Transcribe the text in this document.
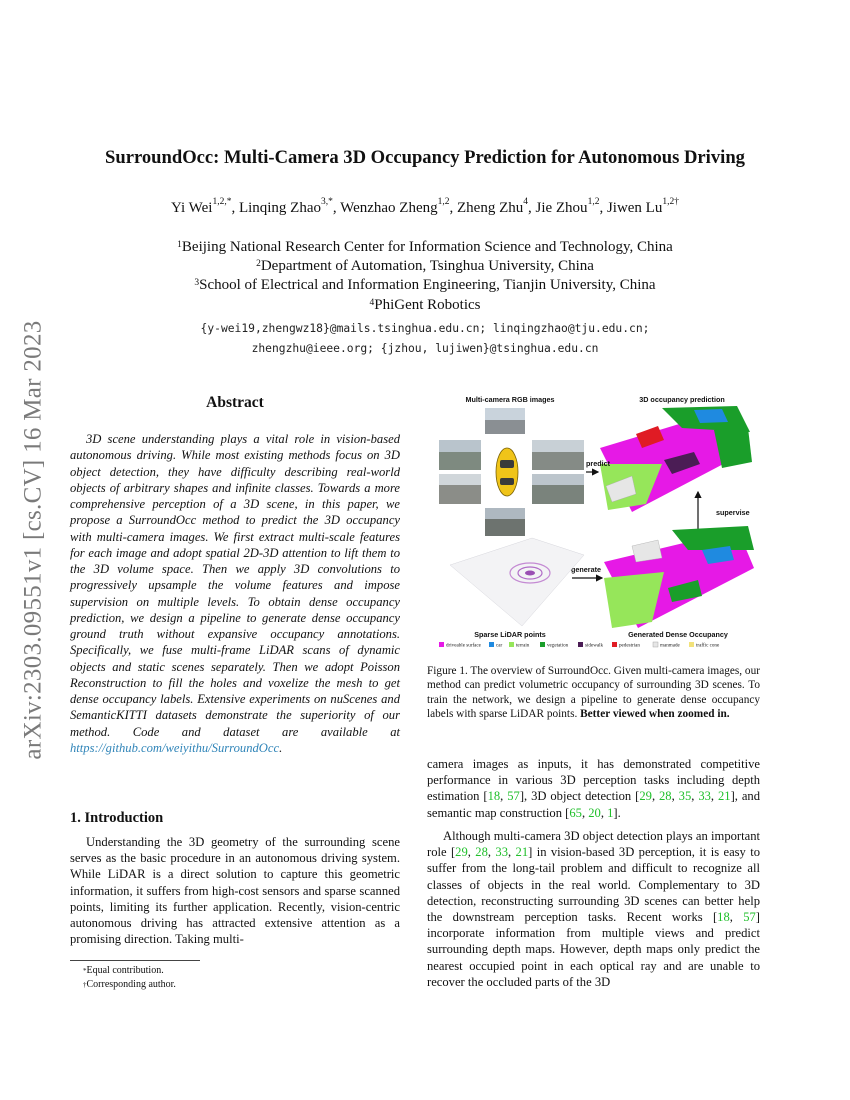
arXiv:2303.09551v1 [cs.CV] 16 Mar 2023
SurroundOcc: Multi-Camera 3D Occupancy Prediction for Autonomous Driving
Yi Wei$^{1,2,*}$, Linqing Zhao$^{3,*}$, Wenzhao Zheng$^{1,2}$, Zheng Zhu$^4$, Jie Zhou$^{1,2}$, Jiwen $Lu^{1,2\dagger}$
$^1$Beijing National Research Center for Information Science and Technology, China
$^2$Department of Automation, Tsinghua University, China
$^3$School of Electrical and Information Engineering, Tianjin University, China
$^4$PhiGent Robotics
{y-wei19,zhengwz18}@mails.tsinghua.edu.cn; linqingzhao@tju.edu.cn;
zhengzhu@ieee.org; {jzhou, lujiwen}@tsinghua.edu.cn
Abstract
3D scene understanding plays a vital role in vision-based autonomous driving. While most existing methods focus on 3D object detection, they have difficulty describing real-world objects of arbitrary shapes and infinite classes. Towards a more comprehensive perception of a 3D scene, in this paper, we propose a SurroundOcc method to predict the 3D occupancy with multi-camera images. We first extract multi-scale features for each image and adopt spatial 2D-3D attention to lift them to the 3D volume space. Then we apply 3D convolutions to progressively upsample the volume features and impose supervision on multiple levels. To obtain dense occupancy prediction, we design a pipeline to generate dense occupancy ground truth without expansive occupancy annotations. Specifically, we fuse multi-frame LiDAR scans of dynamic objects and static scenes separately. Then we adopt Poisson Reconstruction to fill the holes and voxelize the mesh to get dense occupancy labels. Extensive experiments on nuScenes and SemanticKITTI datasets demonstrate the superiority of our method. Code and dataset are available at https://github.com/weiyithu/SurroundOcc.
1. Introduction
Understanding the 3D geometry of the surrounding scene serves as the basic procedure in an autonomous driving system. While LiDAR is a direct solution to capture this geometric information, it suffers from high-cost sensors and sparse scanned points, limiting its further application. Recently, vision-centric autonomous driving has attracted extensive attention as a promising direction. Taking multi-
*Equal contribution.
†Corresponding author.
Multi-camera RGB images	3D occupancy prediction
predict
supervise
generate
Sparse LiDAR points	Generated Dense Occupancy
driveable surface	car	terrain	vegetation	sidewalk	pedestrian	manmade	traffic cone
Figure 1. The overview of SurroundOcc. Given multi-camera images, our method can predict volumetric occupancy of surrounding 3D scenes. To train the network, we design a pipeline to generate dense occupancy labels with sparse LiDAR points. Better viewed when zoomed in.
camera images as inputs, it has demonstrated competitive performance in various 3D perception tasks including depth estimation [18, 57], 3D object detection [29, 28, 35, 33, 21], and semantic map construction [65, 20, 1].
Although multi-camera 3D object detection plays an important role [29, 28, 33, 21] in vision-based 3D perception, it is easy to suffer from the long-tail problem and difficult to recognize all classes of objects in the real world. Complementary to 3D detection, reconstructing surrounding 3D scenes can better help the downstream perception tasks. Recent works [18, 57] incorporate information from multiple views and predict surrounding depth maps. However, depth maps only predict the nearest occupied point in each optical ray and are unable to recover the occluded parts of the 3D
